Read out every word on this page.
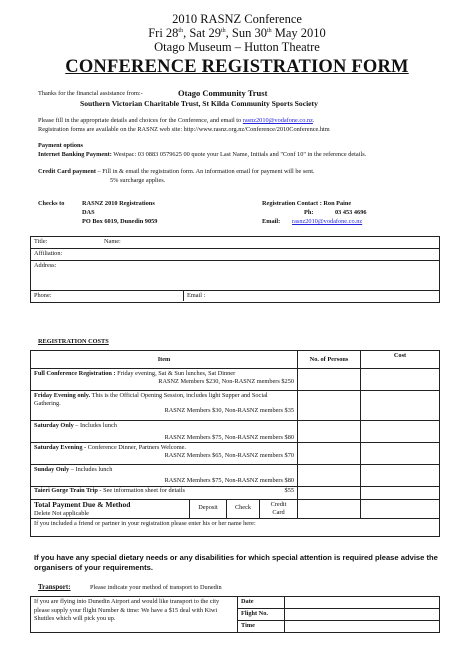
2010 RASNZ Conference
Fri 28th, Sat 29th, Sun 30th May 2010
Otago Museum – Hutton Theatre
CONFERENCE REGISTRATION FORM
Thanks for the financial assistance from:-	Otago Community Trust
Southern Victorian Charitable Trust, St Kilda Community Sports Society
Please fill in the appropriate details and choices for the Conference, and email to rasnz2010@vodafone.co.nz.
Registration forms are available on the RASNZ web site: http://www.rasnz.org.nz/Conference/2010Conference.htm
Payment options
Internet Banking Payment: Westpac: 03 0883 0579625 00 quote your Last Name, Initials and "Conf 10" in the reference details.
Credit Card payment – Fill in & email the registration form. An information email for payment will be sent.
5% surcharge applies.
Checks to	RASNZ 2010 Registrations
DAS
PO Box 6019, Dunedin 9059
Registration Contact : Ron Paine
Ph:	03 453 4696
Email: rasnz2010@vodafone.co.nz
Title:	Name:
Affiliation:
Address:

Phone:	Email :
REGISTRATION COSTS
Item	No. of Persons	Cost
Full Conference Registration : Friday evening, Sat & Sun lunches, Sat Dinner
RASNZ Members $230, Non-RASNZ members $250		

Friday Evening only. This is the Official Opening Session, includes light Supper and Social Gathering.
RASNZ Members $30, Non-RASNZ members $35		

Saturday Only – Includes lunch
RASNZ Members $75, Non-RASNZ members $80		

Saturday Evening - Conference Dinner, Partners Welcome.
RASNZ Members $65, Non-RASNZ members $70		

Sunday Only – Includes lunch
RASNZ Members $75, Non-RASNZ members $80		

Taieri Gorge Train Trip - See information sheet for details $55		

Total Payment Due & Method
Delete Not applicable
Deposit Check Credit Card		

If you included a friend or partner in your registration please enter his or her name here:		
If you have any special dietary needs or any disabilities for which special attention is required please advise the organisers of your requirements.
Transport:	Please indicate your method of transport to Dunedin
If you are flying into Dunedin Airport and would like transport to the city please supply your flight Number & time: We have a $15 deal with Kiwi Shuttles which will pick you up.	Date	
	Flight No.	
	Time	
